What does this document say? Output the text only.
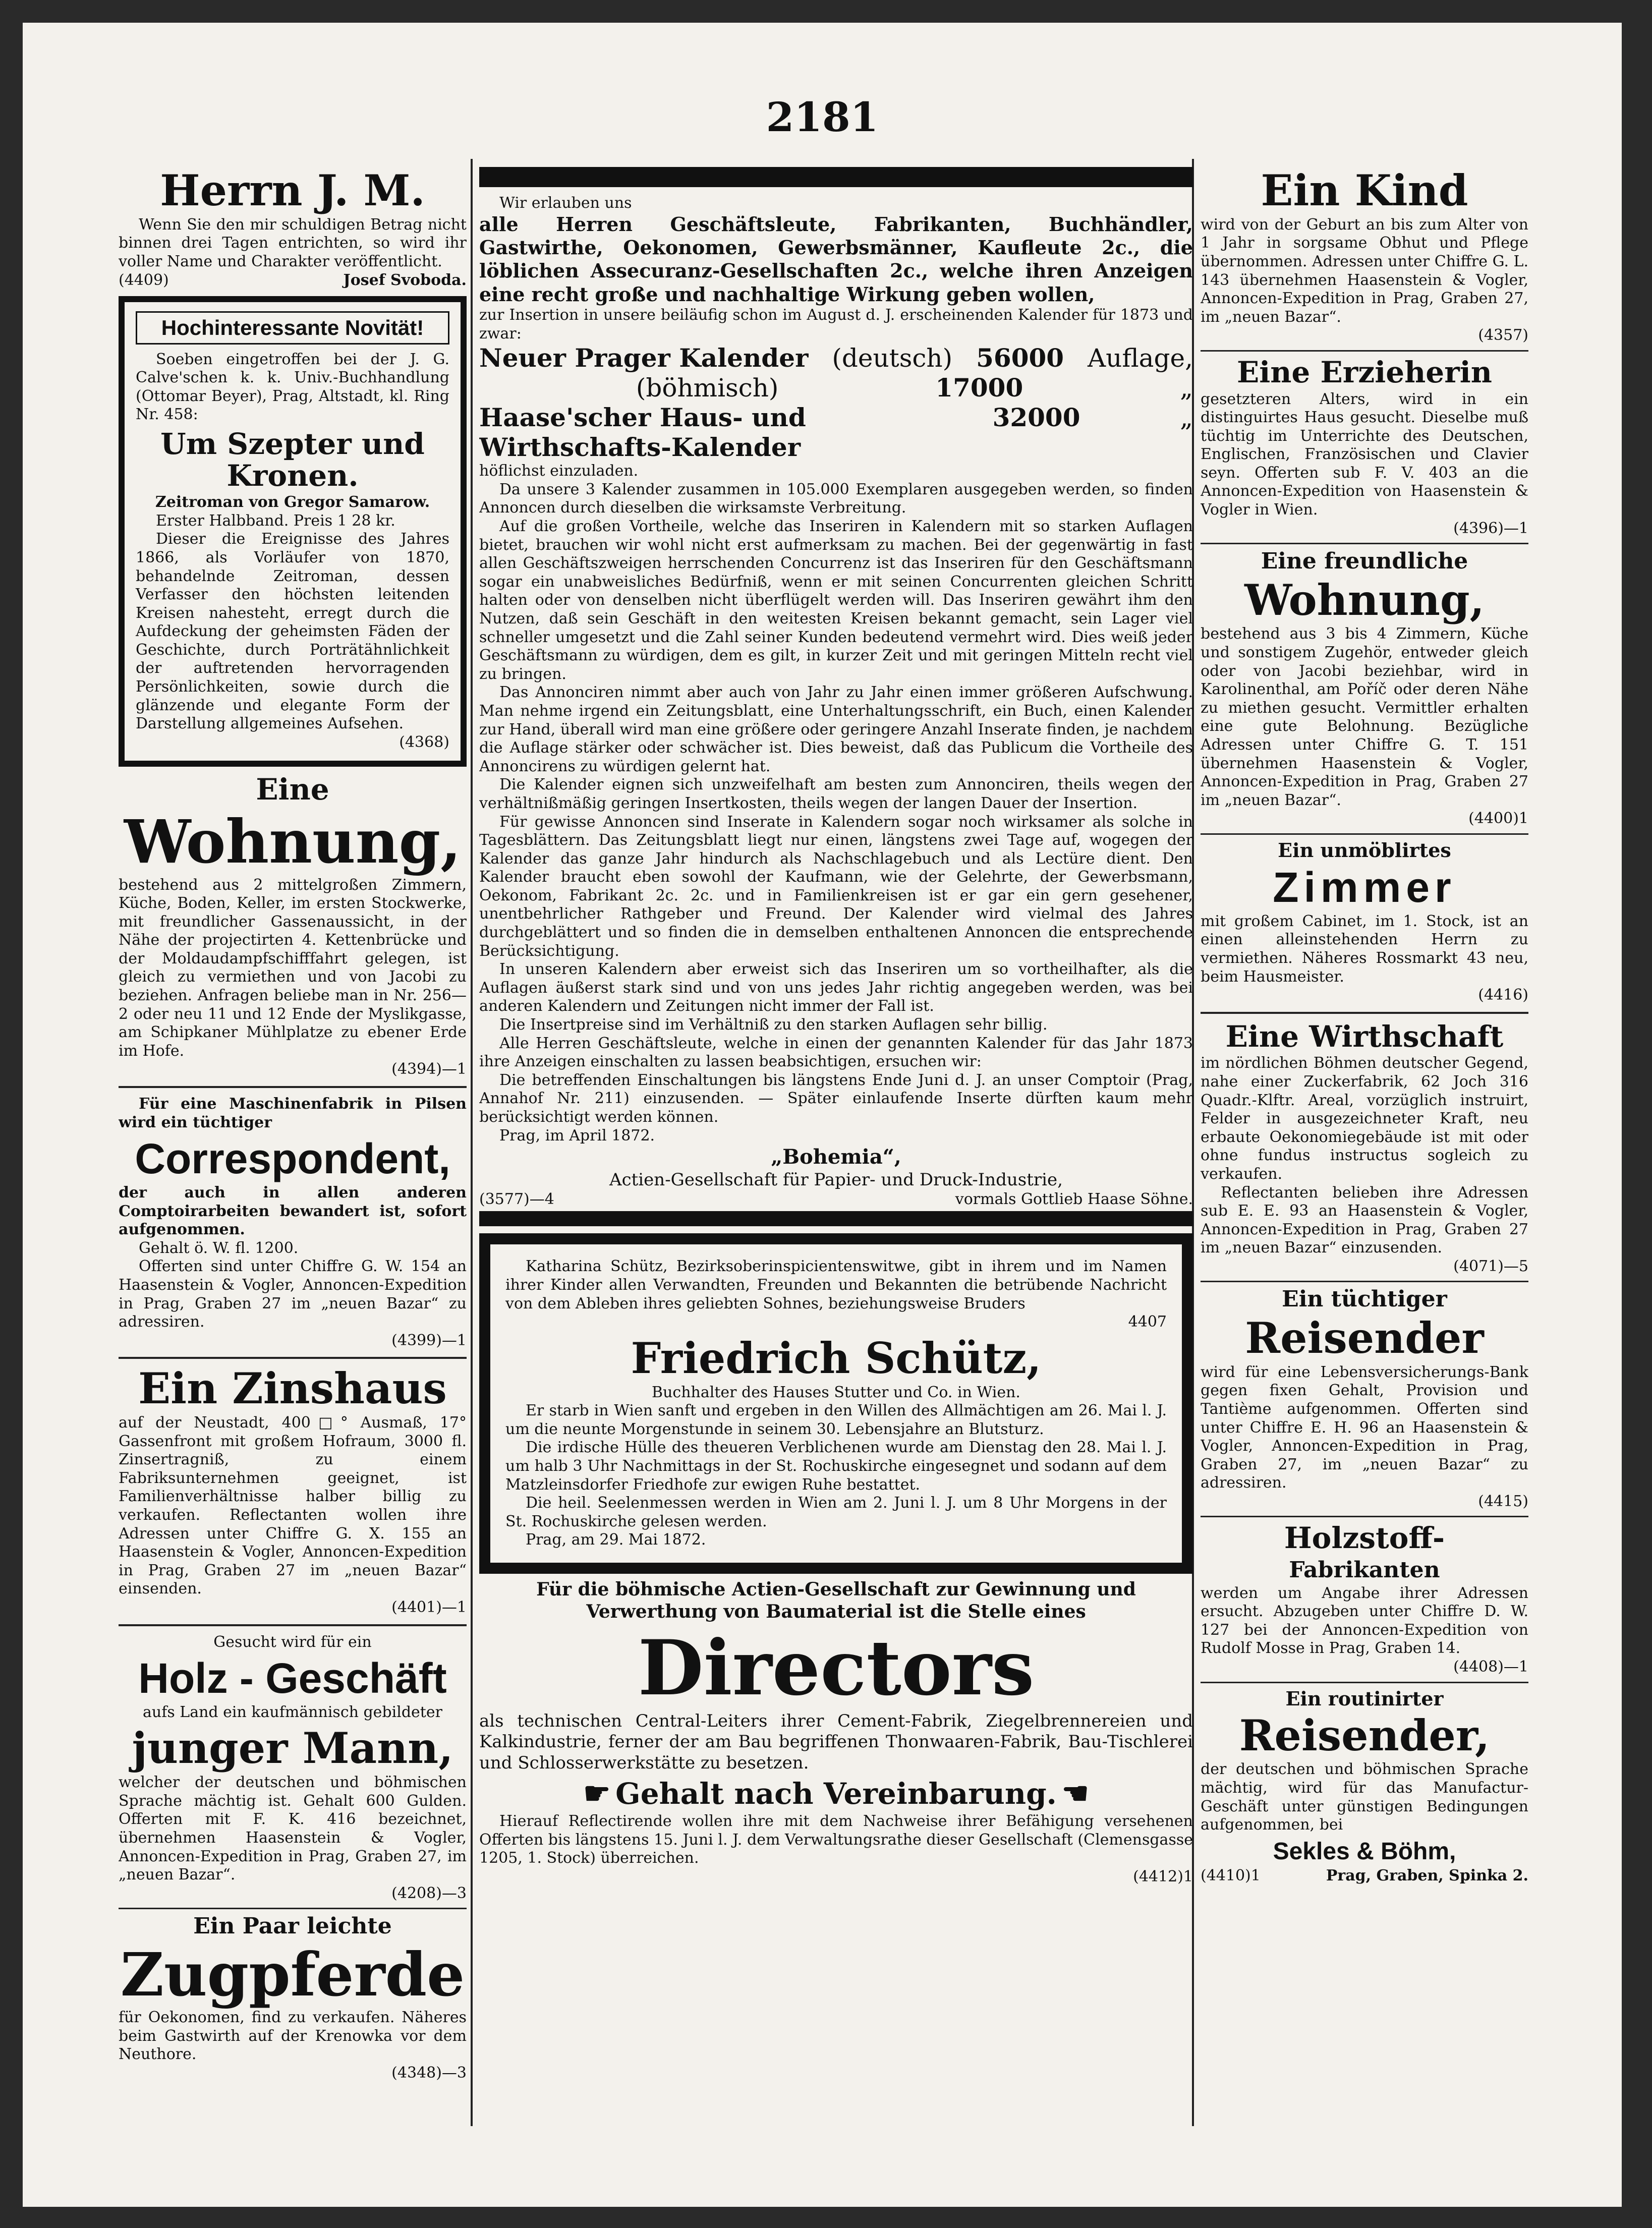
2181
Herrn J. M.

Wenn Sie den mir schuldigen Betrag nicht binnen drei Tagen entrichten, so wird ihr voller Name und Charakter veröffentlicht.

(4409)	Josef Svoboda.
Hochinteressante Novität!

Soeben eingetroffen bei der J. G. Calve'schen k. k. Univ.-Buchhandlung (Ottomar Beyer), Prag, Altstadt, kl. Ring Nr. 458:

Um Szepter und Kronen.

Zeitroman von Gregor Samarow.

Erster Halbband. Preis 1 28 kr.

Dieser die Ereignisse des Jahres 1866, als Vorläufer von 1870, behandelnde Zeitroman, dessen Verfasser den höchsten leitenden Kreisen nahesteht, erregt durch die Aufdeckung der geheimsten Fäden der Geschichte, durch Porträtähnlichkeit der auftretenden hervorragenden Persönlichkeiten, sowie durch die glänzende und elegante Form der Darstellung allgemeines Aufsehen.

(4368)

Eine
Wohnung,

bestehend aus 2 mittelgroßen Zimmern, Küche, Boden, Keller, im ersten Stockwerke, mit freundlicher Gassenaussicht, in der Nähe der projectirten 4. Kettenbrücke und der Moldaudampfschifffahrt gelegen, ist gleich zu vermiethen und von Jacobi zu beziehen. Anfragen beliebe man in Nr. 256—2 oder neu 11 und 12 Ende der Myslikgasse, am Schipkaner Mühlplatze zu ebener Erde im Hofe.

(4394)—1

Für eine Maschinenfabrik in Pilsen wird ein tüchtiger

Correspondent,

der auch in allen anderen Comptoirarbeiten bewandert ist, sofort aufgenommen.

Gehalt ö. W. fl. 1200.

Offerten sind unter Chiffre G. W. 154 an Haasenstein & Vogler, Annoncen-Expedition in Prag, Graben 27 im „neuen Bazar“ zu adressiren.

(4399)—1

Ein Zinshaus

auf der Neustadt, 400□° Ausmaß, 17° Gassenfront mit großem Hofraum, 3000 fl. Zinsertragniß, zu einem Fabriksunternehmen geeignet, ist Familienverhältnisse halber billig zu verkaufen. Reflectanten wollen ihre Adressen unter Chiffre G. X. 155 an Haasenstein & Vogler, Annoncen-Expedition in Prag, Graben 27 im „neuen Bazar“ einsenden.

(4401)—1

Gesucht wird für ein

Holz - Geschäft

aufs Land ein kaufmännisch gebildeter

junger Mann,

welcher der deutschen und böhmischen Sprache mächtig ist. Gehalt 600 Gulden. Offerten mit F. K. 416 bezeichnet, übernehmen Haasenstein & Vogler, Annoncen-Expedition in Prag, Graben 27, im „neuen Bazar“.

(4208)—3

Ein Paar leichte
Zugpferde

für Oekonomen, find zu verkaufen. Näheres beim Gastwirth auf der Krenowka vor dem Neuthore.

(4348)—3

Wir erlauben uns

alle Herren Geschäftsleute, Fabrikanten, Buchhändler, Gastwirthe, Oekonomen, Gewerbsmänner, Kaufleute 2c., die löblichen Assecuranz-Gesellschaften 2c., welche ihren Anzeigen eine recht große und nachhaltige Wirkung geben wollen,

zur Insertion in unsere beiläufig schon im August d. J. erscheinenden Kalender für 1873 und zwar:

Neuer Prager Kalender (deutsch) 56000 Auflage,
(böhmisch)	17000	„
Haase'scher Haus- und Wirthschafts-Kalender
32000	„

höflichst einzuladen.

Da unsere 3 Kalender zusammen in 105.000 Exemplaren ausgegeben werden, so finden Annoncen durch dieselben die wirksamste Verbreitung.

Auf die großen Vortheile, welche das Inseriren in Kalendern mit so starken Auflagen bietet, brauchen wir wohl nicht erst aufmerksam zu machen. Bei der gegenwärtig in fast allen Geschäftszweigen herrschenden Concurrenz ist das Inseriren für den Geschäftsmann sogar ein unabweisliches Bedürfniß, wenn er mit seinen Concurrenten gleichen Schritt halten oder von denselben nicht überflügelt werden will. Das Inseriren gewährt ihm den Nutzen, daß sein Geschäft in den weitesten Kreisen bekannt gemacht, sein Lager viel schneller umgesetzt und die Zahl seiner Kunden bedeutend vermehrt wird. Dies weiß jeder Geschäftsmann zu würdigen, dem es gilt, in kurzer Zeit und mit geringen Mitteln recht viel zu bringen.

Das Annonciren nimmt aber auch von Jahr zu Jahr einen immer größeren Aufschwung. Man nehme irgend ein Zeitungsblatt, eine Unterhaltungsschrift, ein Buch, einen Kalender zur Hand, überall wird man eine größere oder geringere Anzahl Inserate finden, je nachdem die Auflage stärker oder schwächer ist. Dies beweist, daß das Publicum die Vortheile des Annoncirens zu würdigen gelernt hat.

Die Kalender eignen sich unzweifelhaft am besten zum Annonciren, theils wegen der verhältnißmäßig geringen Insertkosten, theils wegen der langen Dauer der Insertion.

Für gewisse Annoncen sind Inserate in Kalendern sogar noch wirksamer als solche in Tagesblättern. Das Zeitungsblatt liegt nur einen, längstens zwei Tage auf, wogegen der Kalender das ganze Jahr hindurch als Nachschlagebuch und als Lectüre dient. Den Kalender braucht eben sowohl der Kaufmann, wie der Gelehrte, der Gewerbsmann, Oekonom, Fabrikant 2c. 2c. und in Familienkreisen ist er gar ein gern gesehener, unentbehrlicher Rathgeber und Freund. Der Kalender wird vielmal des Jahres durchgeblättert und so finden die in demselben enthaltenen Annoncen die entsprechende Berücksichtigung.

In unseren Kalendern aber erweist sich das Inseriren um so vortheilhafter, als die Auflagen äußerst stark sind und von uns jedes Jahr richtig angegeben werden, was bei anderen Kalendern und Zeitungen nicht immer der Fall ist.

Die Insertpreise sind im Verhältniß zu den starken Auflagen sehr billig.

Alle Herren Geschäftsleute, welche in einen der genannten Kalender für das Jahr 1873 ihre Anzeigen einschalten zu lassen beabsichtigen, ersuchen wir:

Die betreffenden Einschaltungen bis längstens Ende Juni d. J. an unser Comptoir (Prag, Annahof Nr. 211) einzusenden. — Später einlaufende Inserte dürften kaum mehr berücksichtigt werden können.

Prag, im April 1872.

„Bohemia“,

Actien-Gesellschaft für Papier- und Druck-Industrie,

(3577)—4	vormals Gottlieb Haase Söhne.

Katharina Schütz, Bezirksoberinspicientenswitwe, gibt in ihrem und im Namen ihrer Kinder allen Verwandten, Freunden und Bekannten die betrübende Nachricht von dem Ableben ihres geliebten Sohnes, beziehungsweise Bruders

4407

Friedrich Schütz,

Buchhalter des Hauses Stutter und Co. in Wien.

Er starb in Wien sanft und ergeben in den Willen des Allmächtigen am 26. Mai l. J. um die neunte Morgenstunde in seinem 30. Lebensjahre an Blutsturz.

Die irdische Hülle des theueren Verblichenen wurde am Dienstag den 28. Mai l. J. um halb 3 Uhr Nachmittags in der St. Rochuskirche eingesegnet und sodann auf dem Matzleinsdorfer Friedhofe zur ewigen Ruhe bestattet.

Die heil. Seelenmessen werden in Wien am 2. Juni l. J. um 8 Uhr Morgens in der St. Rochuskirche gelesen werden.

Prag, am 29. Mai 1872.

Für die böhmische Actien-Gesellschaft zur Gewinnung und Verwerthung von Baumaterial ist die Stelle eines

Directors

als technischen Central-Leiters ihrer Cement-Fabrik, Ziegelbrennereien und Kalkindustrie, ferner der am Bau begriffenen Thonwaaren-Fabrik, Bau-Tischlerei und Schlosserwerkstätte zu besetzen.

☛ Gehalt nach Vereinbarung. ☚

Hierauf Reflectirende wollen ihre mit dem Nachweise ihrer Befähigung versehenen Offerten bis längstens 15. Juni l. J. dem Verwaltungsrathe dieser Gesellschaft (Clemensgasse 1205, 1. Stock) überreichen.

(4412)1

Ein Kind

wird von der Geburt an bis zum Alter von 1 Jahr in sorgsame Obhut und Pflege übernommen. Adressen unter Chiffre G. L. 143 übernehmen Haasenstein & Vogler, Annoncen-Expedition in Prag, Graben 27, im „neuen Bazar“.

(4357)

Eine Erzieherin

gesetzteren Alters, wird in ein distinguirtes Haus gesucht. Dieselbe muß tüchtig im Unterrichte des Deutschen, Englischen, Französischen und Clavier seyn. Offerten sub F. V. 403 an die Annoncen-Expedition von Haasenstein & Vogler in Wien.

(4396)—1

Eine freundliche
Wohnung,

bestehend aus 3 bis 4 Zimmern, Küche und sonstigem Zugehör, entweder gleich oder von Jacobi beziehbar, wird in Karolinenthal, am Poříč oder deren Nähe zu miethen gesucht. Vermittler erhalten eine gute Belohnung. Bezügliche Adressen unter Chiffre G. T. 151 übernehmen Haasenstein & Vogler, Annoncen-Expedition in Prag, Graben 27 im „neuen Bazar“.

(4400)1

Ein unmöblirtes
Zimmer

mit großem Cabinet, im 1. Stock, ist an einen alleinstehenden Herrn zu vermiethen. Näheres Rossmarkt 43 neu, beim Hausmeister.

(4416)

Eine Wirthschaft

im nördlichen Böhmen deutscher Gegend, nahe einer Zuckerfabrik, 62 Joch 316 Quadr.-Klftr. Areal, vorzüglich instruirt, Felder in ausgezeichneter Kraft, neu erbaute Oekonomiegebäude ist mit oder ohne fundus instructus sogleich zu verkaufen.

Reflectanten belieben ihre Adressen sub E. E. 93 an Haasenstein & Vogler, Annoncen-Expedition in Prag, Graben 27 im „neuen Bazar“ einzusenden.

(4071)—5

Ein tüchtiger
Reisender

wird für eine Lebensversicherungs-Bank gegen fixen Gehalt, Provision und Tantième aufgenommen. Offerten sind unter Chiffre E. H. 96 an Haasenstein & Vogler, Annoncen-Expedition in Prag, Graben 27, im „neuen Bazar“ zu adressiren.

(4415)

Holzstoff-
Fabrikanten

werden um Angabe ihrer Adressen ersucht. Abzugeben unter Chiffre D. W. 127 bei der Annoncen-Expedition von Rudolf Mosse in Prag, Graben 14.

(4408)—1

Ein routinirter
Reisender,

der deutschen und böhmischen Sprache mächtig, wird für das Manufactur-Geschäft unter günstigen Bedingungen aufgenommen, bei

Sekles & Böhm,
(4410)1	Prag, Graben, Spinka 2.
